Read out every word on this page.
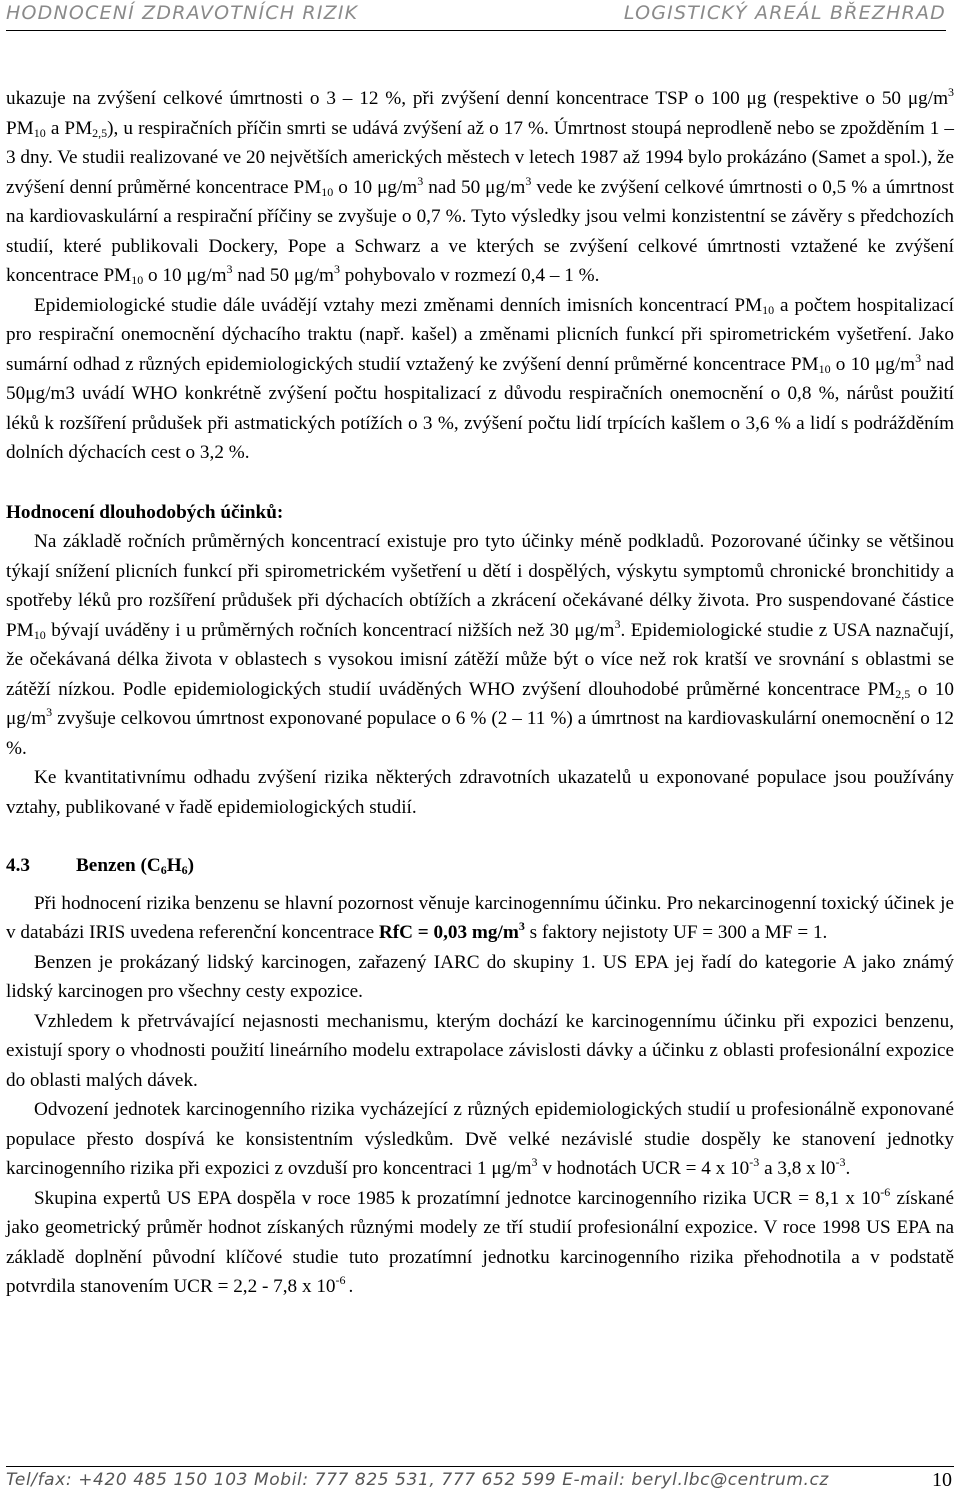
HODNOCENÍ ZDRAVOTNÍCH RIZIK	LOGISTICKÝ AREÁL BŘEZHRAD

ukazuje na zvýšení celkové úmrtnosti o 3 – 12 %, při zvýšení denní koncentrace TSP o 100 μg (respektive o 50 $\mu g/m^3$ $PM_{10}$ a $PM_{2,5}$), u respiračních příčin smrti se udává zvýšení až o 17 %. Úmrtnost stoupá neprodleně nebo se zpožděním 1 – 3 dny. Ve studii realizované ve 20 největších amerických městech v letech 1987 až 1994 bylo prokázáno (Samet a spol.), že zvýšení denní průměrné koncentrace $PM_{10}$ o 10 $\mu g/m^3$ nad 50 $\mu g/m^3$ vede ke zvýšení celkové úmrtnosti o 0,5 % a úmrtnost na kardiovaskulární a respirační příčiny se zvyšuje o 0,7 %. Tyto výsledky jsou velmi konzistentní se závěry s předchozích studií, které publikovali Dockery, Pope a Schwarz a ve kterých se zvýšení celkové úmrtnosti vztažené ke zvýšení koncentrace $PM_{10}$ o 10 $\mu g/m^3$ nad 50 $\mu g/m^3$ pohybovalo v rozmezí 0,4 – 1 %.

Epidemiologické studie dále uvádějí vztahy mezi změnami denních imisních koncentrací $PM_{10}$ a počtem hospitalizací pro respirační onemocnění dýchacího traktu (např. kašel) a změnami plicních funkcí při spirometrickém vyšetření. Jako sumární odhad z různých epidemiologických studií vztažený ke zvýšení denní průměrné koncentrace $PM_{10}$ o 10 $\mu g/m^3$ nad 50μg/m3 uvádí WHO konkrétně zvýšení počtu hospitalizací z důvodu respiračních onemocnění o 0,8 %, nárůst použití léků k rozšíření průdušek při astmatických potížích o 3 %, zvýšení počtu lidí trpících kašlem o 3,6 % a lidí s podrážděním dolních dýchacích cest o 3,2 %.

Hodnocení dlouhodobých účinků:

Na základě ročních průměrných koncentrací existuje pro tyto účinky méně podkladů. Pozorované účinky se většinou týkají snížení plicních funkcí při spirometrickém vyšetření u dětí i dospělých, výskytu symptomů chronické bronchitidy a spotřeby léků pro rozšíření průdušek při dýchacích obtížích a zkrácení očekávané délky života. Pro suspendované částice $PM_{10}$ bývají uváděny i u průměrných ročních koncentrací nižších než 30 $\mu g/m^3$. Epidemiologické studie z USA naznačují, že očekávaná délka života v oblastech s vysokou imisní zátěží může být o více než rok kratší ve srovnání s oblastmi se zátěží nízkou. Podle epidemiologických studií uváděných WHO zvýšení dlouhodobé průměrné koncentrace $PM_{2,5}$ o 10 $\mu g/m^3$ zvyšuje celkovou úmrtnost exponované populace o 6 % (2 – 11 %) a úmrtnost na kardiovaskulární onemocnění o 12 %.

Ke kvantitativnímu odhadu zvýšení rizika některých zdravotních ukazatelů u exponované populace jsou používány vztahy, publikované v řadě epidemiologických studií.

4.3	Benzen $(C_6H_6)$

Při hodnocení rizika benzenu se hlavní pozornost věnuje karcinogennímu účinku. Pro nekarcinogenní toxický účinek je v databázi IRIS uvedena referenční koncentrace RfC = 0,03 $mg/m^3$ s faktory nejistoty UF = 300 a MF = 1.

Benzen je prokázaný lidský karcinogen, zařazený IARC do skupiny 1. US EPA jej řadí do kategorie A jako známý lidský karcinogen pro všechny cesty expozice.

Vzhledem k přetrvávající nejasnosti mechanismu, kterým dochází ke karcinogennímu účinku při expozici benzenu, existují spory o vhodnosti použití lineárního modelu extrapolace závislosti dávky a účinku z oblasti profesionální expozice do oblasti malých dávek.

Odvození jednotek karcinogenního rizika vycházející z různých epidemiologických studií u profesionálně exponované populace přesto dospívá ke konsistentním výsledkům. Dvě velké nezávislé studie dospěly ke stanovení jednotky karcinogenního rizika při expozici z ovzduší pro koncentraci 1 $\mu g/m^3$ v hodnotách UCR = 4 x $10^{-3}$ a 3,8 x $l0^{-3}$.

Skupina expertů US EPA dospěla v roce 1985 k prozatímní jednotce karcinogenního rizika UCR = 8,1 x $10^{-6}$ získané jako geometrický průměr hodnot získaných různými modely ze tří studií profesionální expozice. V roce 1998 US EPA na základě doplnění původní klíčové studie tuto prozatímní jednotku karcinogenního rizika přehodnotila a v podstatě potvrdila stanovením UCR = 2,2 - 7,8 x $10^{-6}$ .

Tel/fax: +420 485 150 103 Mobil: 777 825 531, 777 652 599 E-mail: beryl.lbc@centrum.cz	10
